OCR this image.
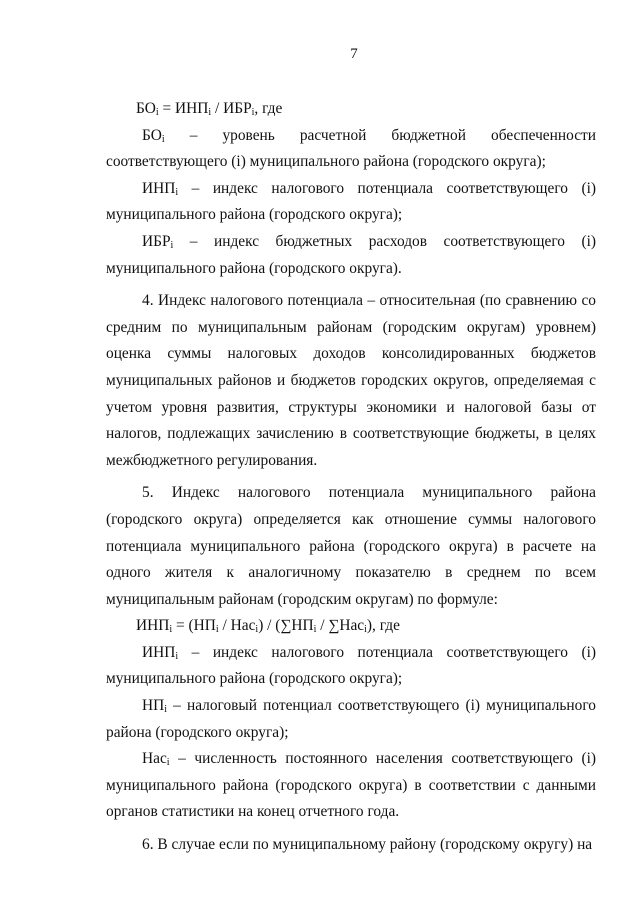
7

$БО_i = ИНП_i / ИБР_i$, где

$БО_i$ – уровень расчетной бюджетной обеспеченности соответствующего (i) муниципального района (городского округа);

$ИНП_i$ – индекс налогового потенциала соответствующего (i) муниципального района (городского округа);

$ИБР_i$ – индекс бюджетных расходов соответствующего (i) муниципального района (городского округа).

4. Индекс налогового потенциала – относительная (по сравнению со средним по муниципальным районам (городским округам) уровнем) оценка суммы налоговых доходов консолидированных бюджетов муниципальных районов и бюджетов городских округов, определяемая с учетом уровня развития, структуры экономики и налоговой базы от налогов, подлежащих зачислению в соответствующие бюджеты, в целях межбюджетного регулирования.

5. Индекс налогового потенциала муниципального района (городского округа) определяется как отношение суммы налогового потенциала муниципального района (городского округа) в расчете на одного жителя к аналогичному показателю в среднем по всем муниципальным районам (городским округам) по формуле:

$ИНП_i = (НП_i / Нас_i) / (\sum НП_i / \sum Нас_i)$, где

$ИНП_i$ – индекс налогового потенциала соответствующего (i) муниципального района (городского округа);

$НП_i$ – налоговый потенциал соответствующего (i) муниципального района (городского округа);

Нас$_i$ – численность постоянного населения соответствующего (i) муниципального района (городского округа) в соответствии с данными органов статистики на конец отчетного года.

6. В случае если по муниципальному району (городскому округу) на
